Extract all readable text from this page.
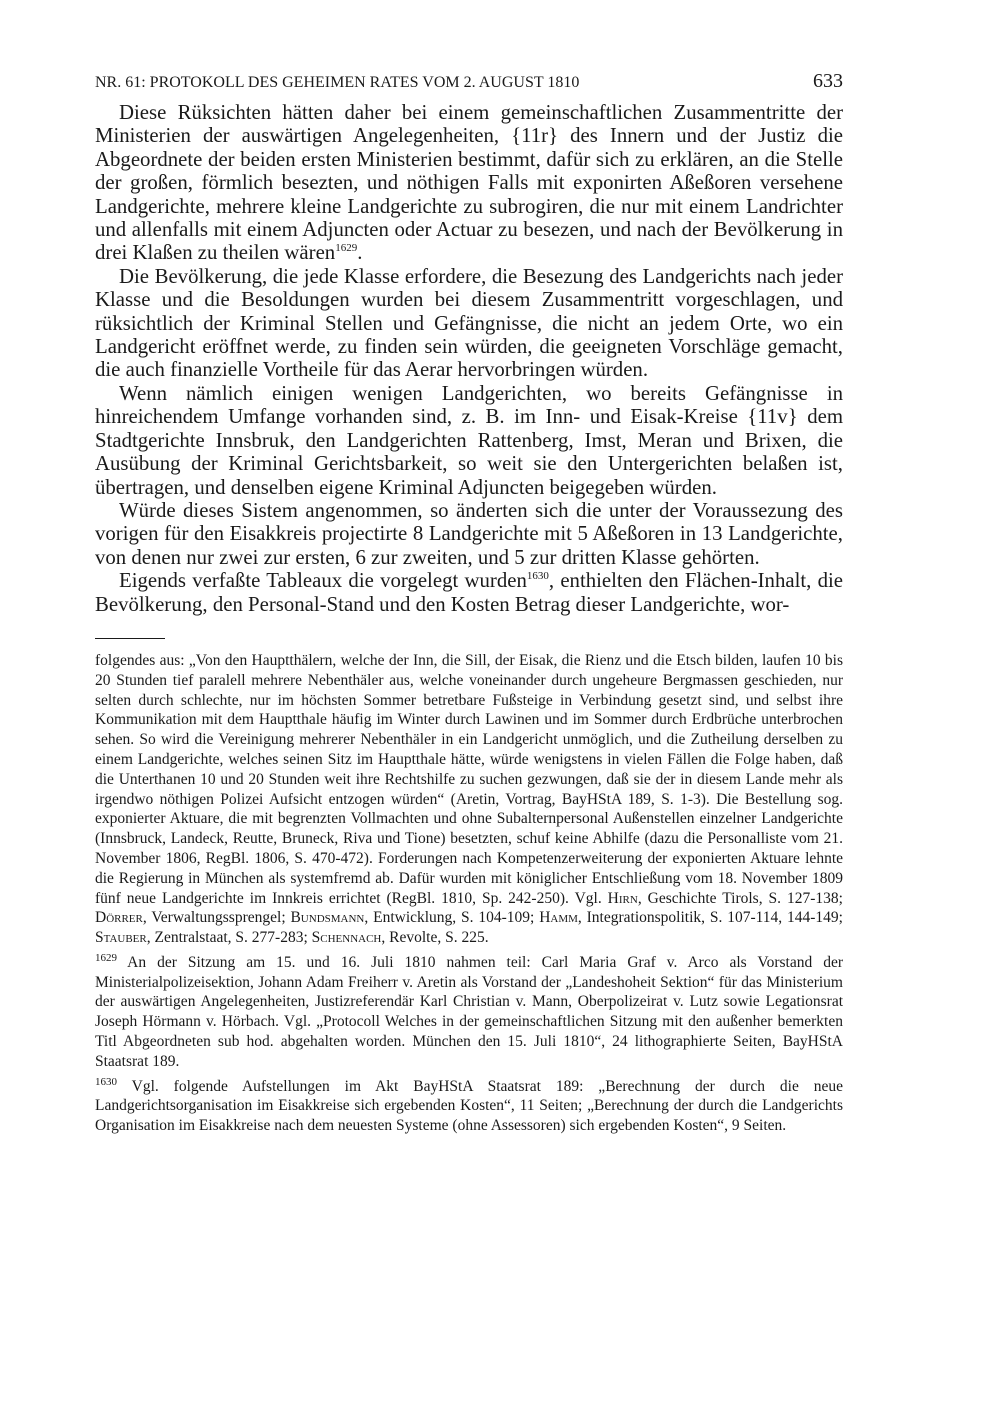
NR. 61: PROTOKOLL DES GEHEIMEN RATES VOM 2. AUGUST 1810	633

Diese Rüksichten hätten daher bei einem gemeinschaftlichen Zusammentritte der Ministerien der auswärtigen Angelegenheiten, {11r} des Innern und der Justiz die Abgeordnete der beiden ersten Ministerien bestimmt, dafür sich zu erklären, an die Stelle der großen, förmlich besezten, und nöthigen Falls mit exponirten Aßeßoren versehene Landgerichte, mehrere kleine Landgerichte zu subrogiren, die nur mit einem Landrichter und allenfalls mit einem Adjuncten oder Actuar zu besezen, und nach der Bevölkerung in drei Klaßen zu theilen wären$^{1629}$.

Die Bevölkerung, die jede Klasse erfordere, die Besezung des Landgerichts nach jeder Klasse und die Besoldungen wurden bei diesem Zusammentritt vorgeschlagen, und rüksichtlich der Kriminal Stellen und Gefängnisse, die nicht an jedem Orte, wo ein Landgericht eröffnet werde, zu finden sein würden, die geeigneten Vorschläge gemacht, die auch finanzielle Vortheile für das Aerar hervorbringen würden.

Wenn nämlich einigen wenigen Landgerichten, wo bereits Gefängnisse in hinreichendem Umfange vorhanden sind, z. B. im Inn- und Eisak-Kreise {11v} dem Stadtgerichte Innsbruk, den Landgerichten Rattenberg, Imst, Meran und Brixen, die Ausübung der Kriminal Gerichtsbarkeit, so weit sie den Untergerichten belaßen ist, übertragen, und denselben eigene Kriminal Adjuncten beigegeben würden.

Würde dieses Sistem angenommen, so änderten sich die unter der Voraussezung des vorigen für den Eisakkreis projectirte 8 Landgerichte mit 5 Aßeßoren in 13 Landgerichte, von denen nur zwei zur ersten, 6 zur zweiten, und 5 zur dritten Klasse gehörten.

Eigends verfaßte Tableaux die vorgelegt wurden$^{1630}$, enthielten den Flächen-Inhalt, die Bevölkerung, den Personal-Stand und den Kosten Betrag dieser Landgerichte, wor-

folgendes aus: „Von den Hauptthälern, welche der Inn, die Sill, der Eisak, die Rienz und die Etsch bilden, laufen 10 bis 20 Stunden tief paralell mehrere Nebenthäler aus, welche voneinander durch ungeheure Bergmassen geschieden, nur selten durch schlechte, nur im höchsten Sommer betretbare Fußsteige in Verbindung gesetzt sind, und selbst ihre Kommunikation mit dem Hauptthale häufig im Winter durch Lawinen und im Sommer durch Erdbrüche unterbrochen sehen. So wird die Vereinigung mehrerer Nebenthäler in ein Landgericht unmöglich, und die Zutheilung derselben zu einem Landgerichte, welches seinen Sitz im Hauptthale hätte, würde wenigstens in vielen Fällen die Folge haben, daß die Unterthanen 10 und 20 Stunden weit ihre Rechtshilfe zu suchen gezwungen, daß sie der in diesem Lande mehr als irgendwo nöthigen Polizei Aufsicht entzogen würden“ (Aretin, Vortrag, BayHStA 189, S. 1-3). Die Bestellung sog. exponierter Aktuare, die mit begrenzten Vollmachten und ohne Subalternpersonal Außenstellen einzelner Landgerichte (Innsbruck, Landeck, Reutte, Bruneck, Riva und Tione) besetzten, schuf keine Abhilfe (dazu die Personalliste vom 21. November 1806, RegBl. 1806, S. 470-472). Forderungen nach Kompetenzerweiterung der exponierten Aktuare lehnte die Regierung in München als systemfremd ab. Dafür wurden mit königlicher Entschließung vom 18. November 1809 fünf neue Landgerichte im Innkreis errichtet (RegBl. 1810, Sp. 242-250). Vgl. Hirn, Geschichte Tirols, S. 127-138; Dörrer, Verwaltungssprengel; Bundsmann, Entwicklung, S. 104-109; Hamm, Integrationspolitik, S. 107-114, 144-149; Stauber, Zentralstaat, S. 277-283; Schennach, Revolte, S. 225.

$^{1629}$ An der Sitzung am 15. und 16. Juli 1810 nahmen teil: Carl Maria Graf v. Arco als Vorstand der Ministerialpolizeisektion, Johann Adam Freiherr v. Aretin als Vorstand der „Landeshoheit Sektion“ für das Ministerium der auswärtigen Angelegenheiten, Justizreferendär Karl Christian v. Mann, Oberpolizeirat v. Lutz sowie Legationsrat Joseph Hörmann v. Hörbach. Vgl. „Protocoll Welches in der gemeinschaftlichen Sitzung mit den außenher bemerkten Titl Abgeordneten sub hod. abgehalten worden. München den 15. Juli 1810“, 24 lithographierte Seiten, BayHStA Staatsrat 189.

$^{1630}$ Vgl. folgende Aufstellungen im Akt BayHStA Staatsrat 189: „Berechnung der durch die neue Landgerichtsorganisation im Eisakkreise sich ergebenden Kosten“, 11 Seiten; „Berechnung der durch die Landgerichts Organisation im Eisakkreise nach dem neuesten Systeme (ohne Assessoren) sich ergebenden Kosten“, 9 Seiten.
